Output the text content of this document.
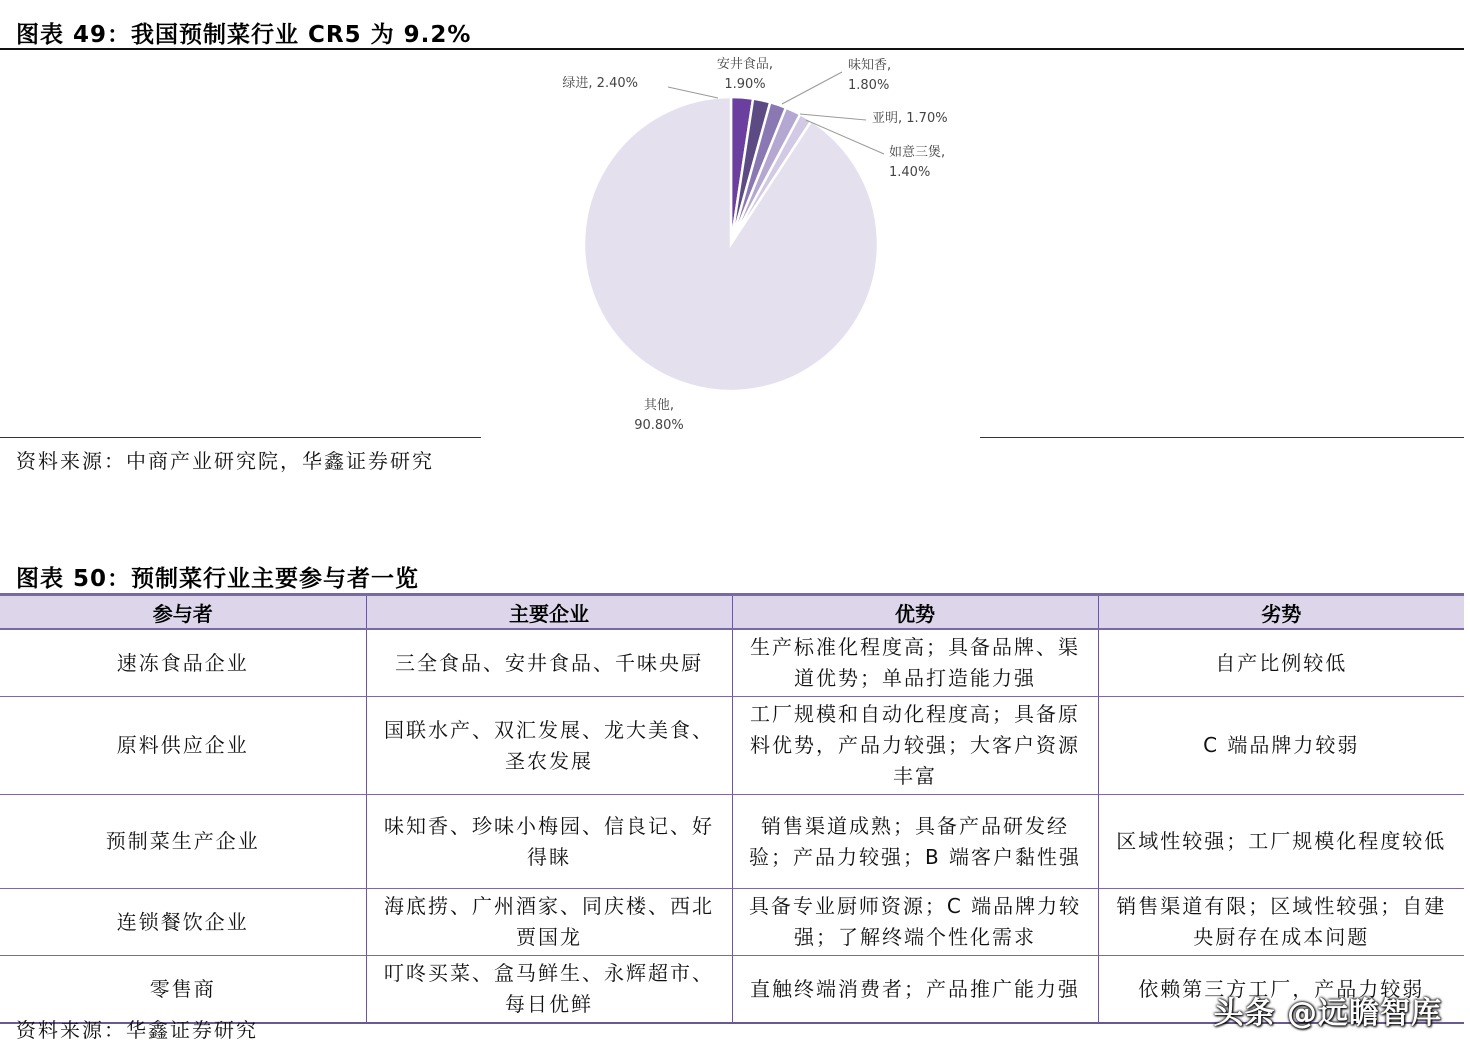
图表 49：我国预制菜行业 CR5 为 9.2%
绿进, 2.40%
安井食品, 1.90%
味知香, 1.80%
亚明, 1.70%
如意三煲, 1.40%
其他, 90.80%
资料来源：中商产业研究院，华鑫证券研究
图表 50：预制菜行业主要参与者一览
参与者	主要企业	优势	劣势
速冻食品企业	三全食品、安井食品、千味央厨	生产标准化程度高；具备品牌、渠道优势；单品打造能力强	自产比例较低
原料供应企业	国联水产、双汇发展、龙大美食、圣农发展	工厂规模和自动化程度高；具备原料优势，产品力较强；大客户资源丰富	C 端品牌力较弱
预制菜生产企业	味知香、珍味小梅园、信良记、好得睐	销售渠道成熟；具备产品研发经验；产品力较强；B 端客户黏性强	区域性较强；工厂规模化程度较低
连锁餐饮企业	海底捞、广州酒家、同庆楼、西北贾国龙	具备专业厨师资源；C 端品牌力较强；了解终端个性化需求	销售渠道有限；区域性较强；自建央厨存在成本问题
零售商	叮咚买菜、盒马鲜生、永辉超市、每日优鲜	直触终端消费者；产品推广能力强	依赖第三方工厂，产品力较弱
资料来源：华鑫证券研究	头条 @远瞻智库
